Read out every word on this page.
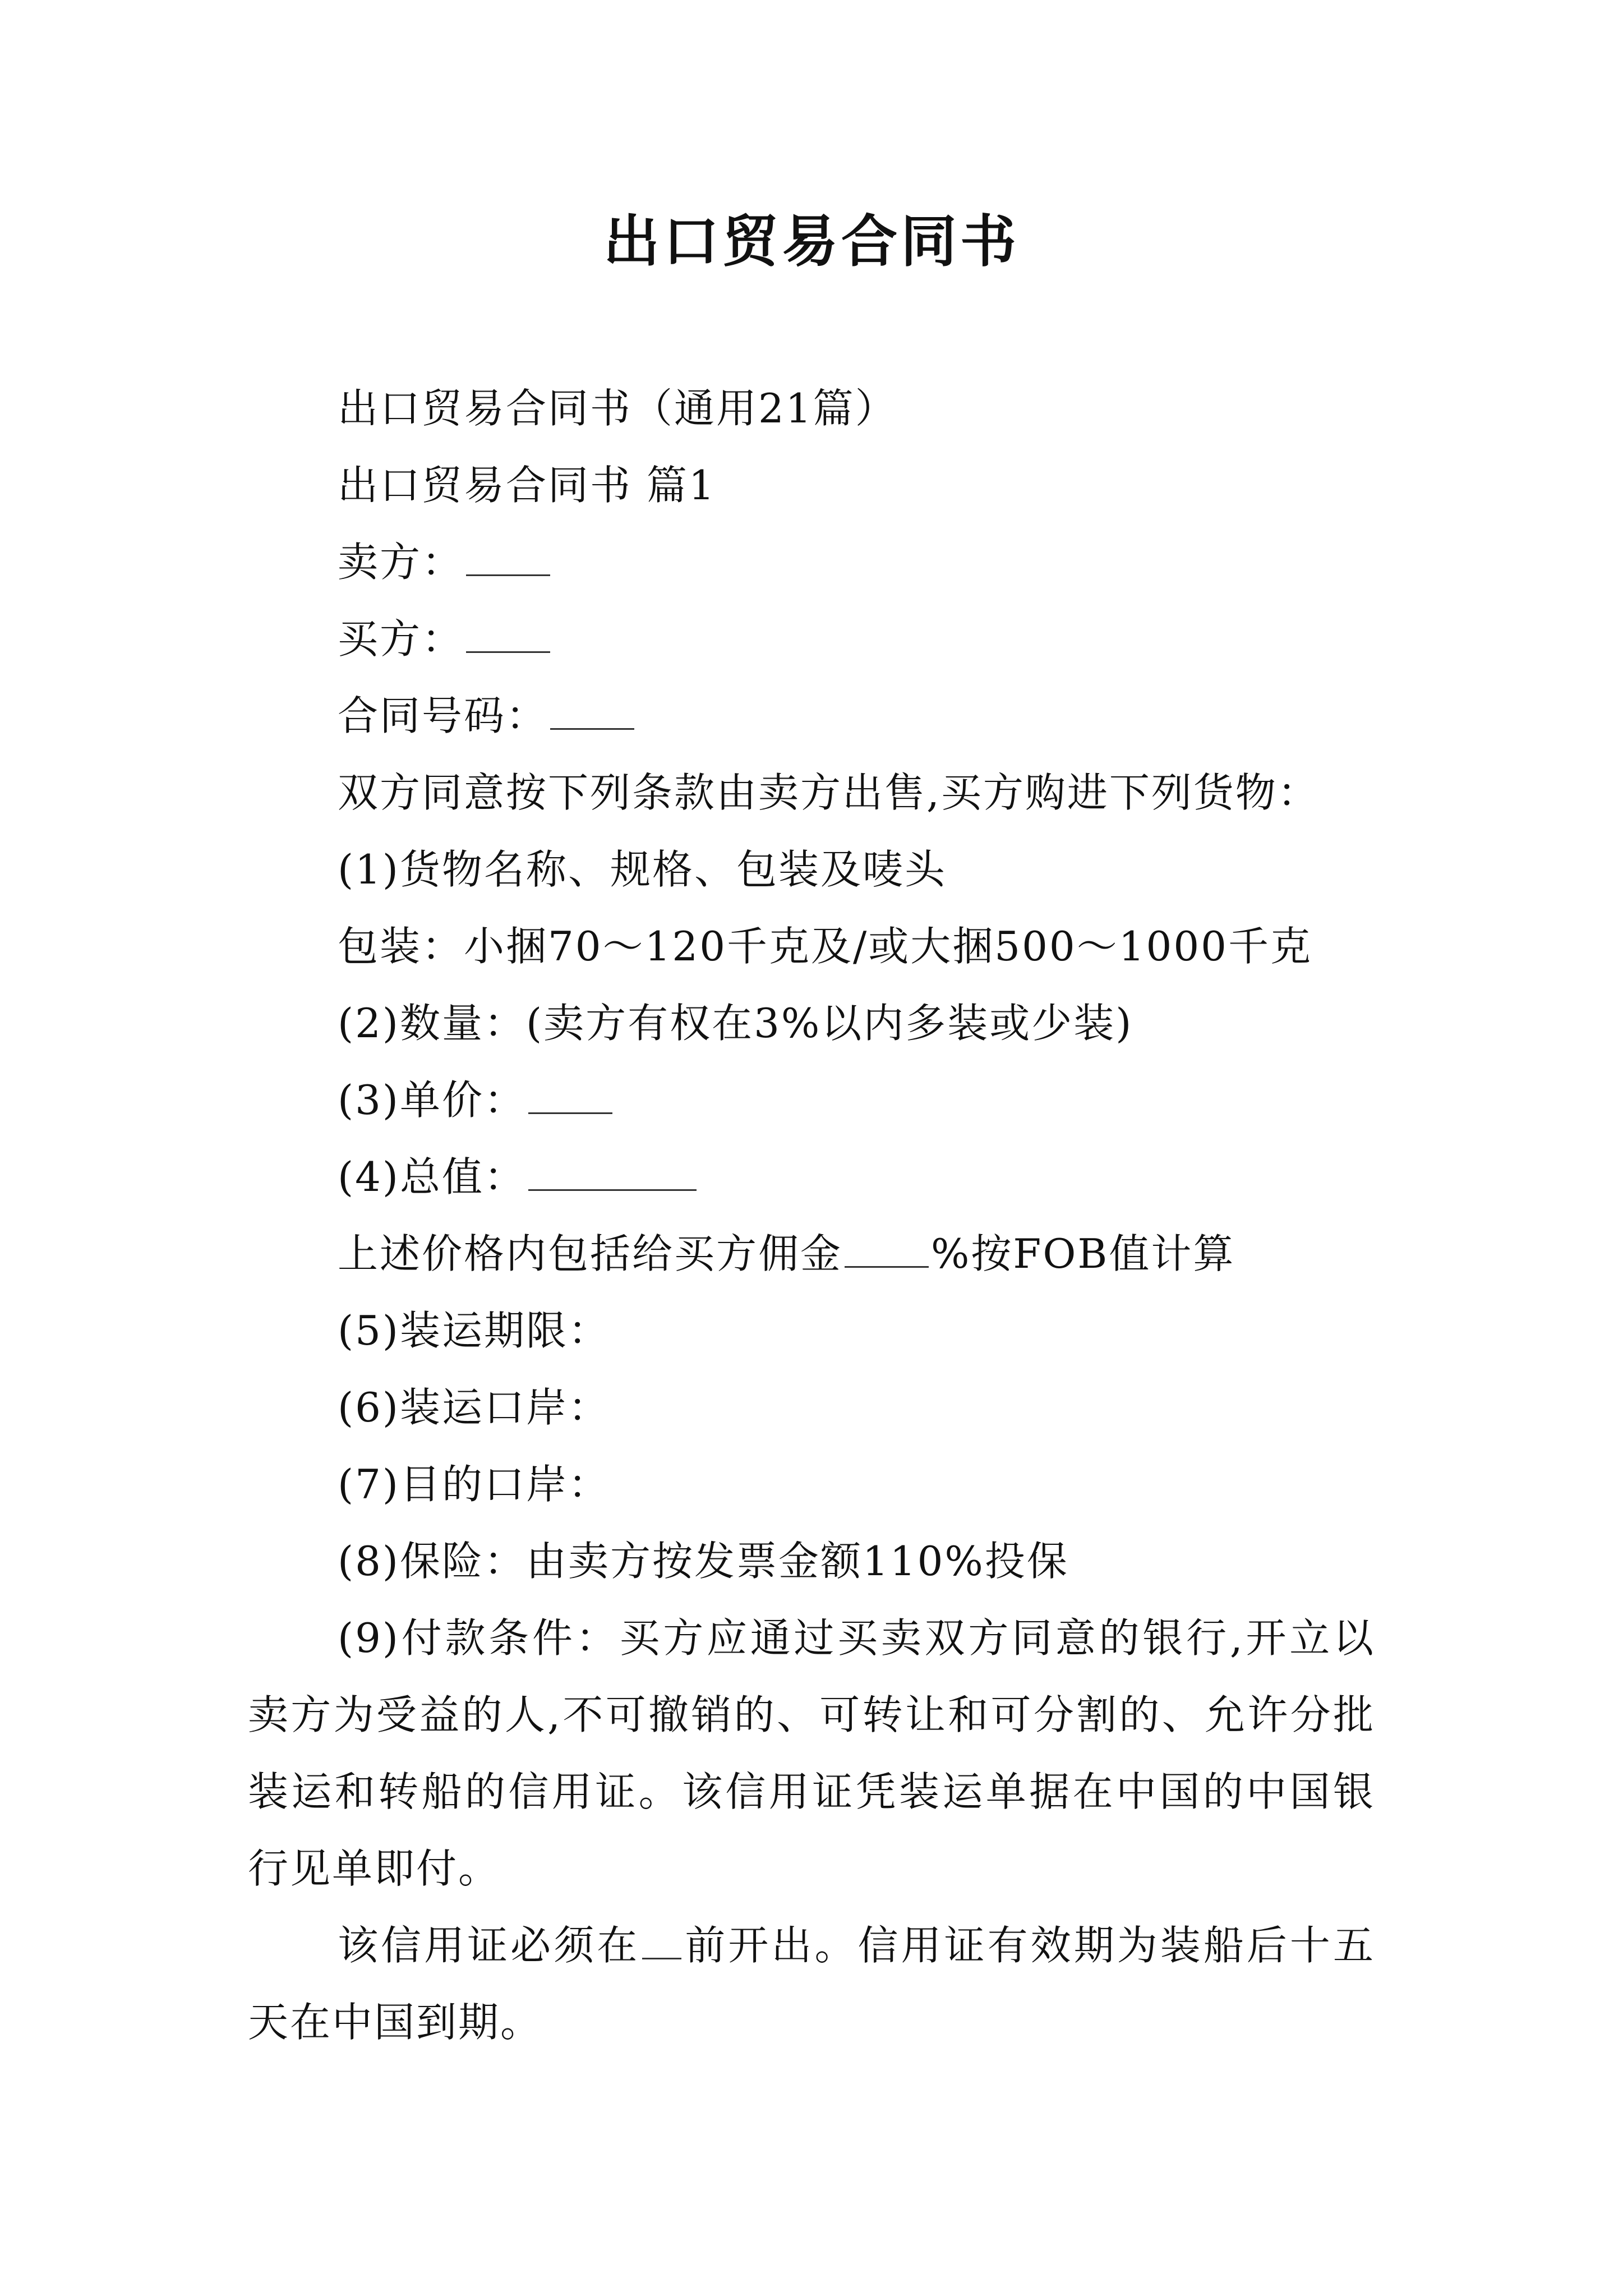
出口贸易合同书
出口贸易合同书（通用21篇）
出口贸易合同书 篇1
卖方：
买方：
合同号码：
双方同意按下列条款由卖方出售,买方购进下列货物：
(1)货物名称、规格、包装及唛头
包装：小捆70～120千克及/或大捆500～1000千克
(2)数量：(卖方有权在3%以内多装或少装)
(3)单价：
(4)总值：
上述价格内包括给买方佣金 %按FOB值计算
(5)装运期限：
(6)装运口岸：
(7)目的口岸：
(8)保险：由卖方按发票金额110%投保
(9)付款条件：买方应通过买卖双方同意的银行,开立以卖方为受益的人,不可撤销的、可转让和可分割的、允许分批装运和转船的信用证。该信用证凭装运单据在中国的中国银行见单即付。
该信用证必须在 前开出。信用证有效期为装船后十五天在中国到期。
